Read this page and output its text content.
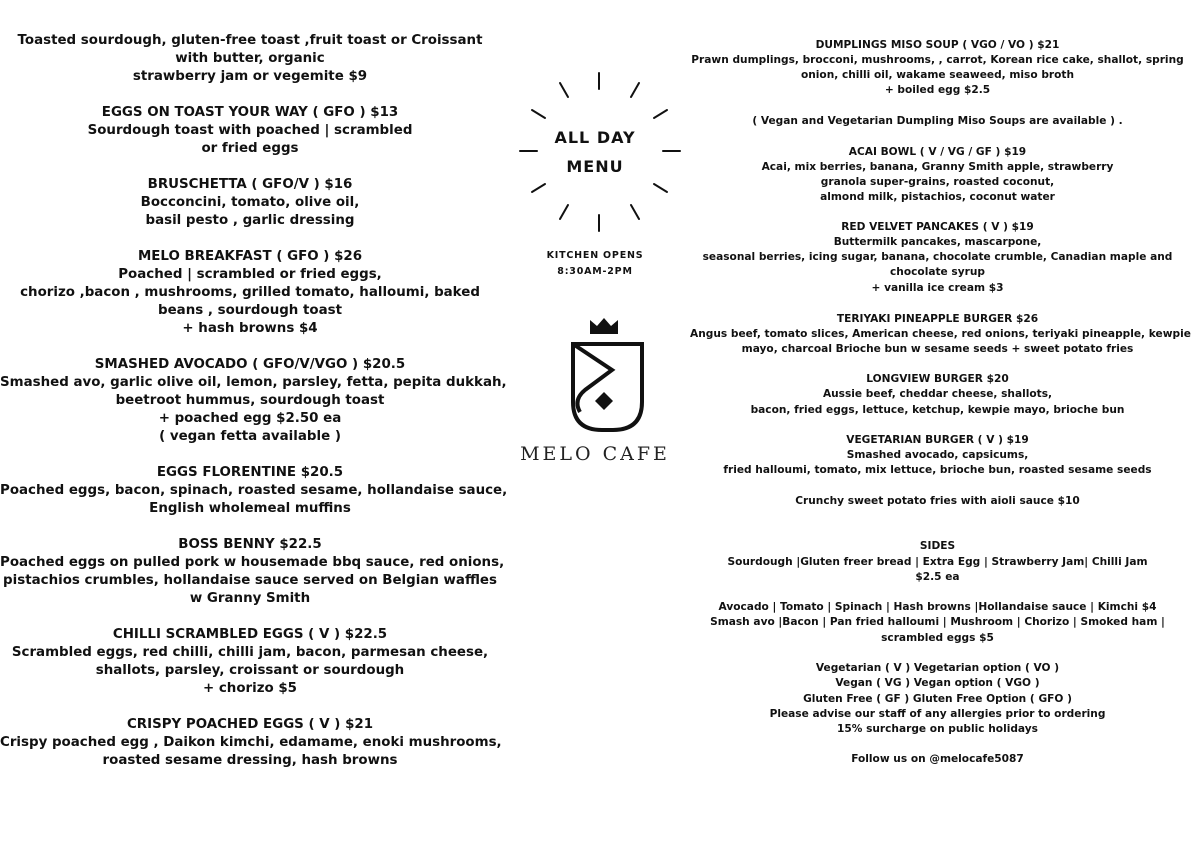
Toasted sourdough, gluten-free toast ,fruit toast or Croissant
with butter, organic
strawberry jam or vegemite $9
EGGS ON TOAST YOUR WAY ( GFO ) $13
Sourdough toast with poached | scrambled
or fried eggs
BRUSCHETTA ( GFO/V ) $16
Bocconcini, tomato, olive oil,
basil pesto , garlic dressing
MELO BREAKFAST ( GFO ) $26
Poached | scrambled or fried eggs,
chorizo ,bacon , mushrooms, grilled tomato, halloumi, baked
beans , sourdough toast
+ hash browns $4
SMASHED AVOCADO ( GFO/V/VGO ) $20.5
Smashed avo, garlic olive oil, lemon, parsley, fetta, pepita dukkah,
beetroot hummus, sourdough toast
+ poached egg $2.50 ea
( vegan fetta available )
EGGS FLORENTINE $20.5
Poached eggs, bacon, spinach, roasted sesame, hollandaise sauce,
English wholemeal muffins
BOSS BENNY $22.5
Poached eggs on pulled pork w housemade bbq sauce, red onions,
pistachios crumbles, hollandaise sauce served on Belgian waffles
w Granny Smith
CHILLI SCRAMBLED EGGS ( V ) $22.5
Scrambled eggs, red chilli, chilli jam, bacon, parmesan cheese,
shallots, parsley, croissant or sourdough
+ chorizo $5
CRISPY POACHED EGGS ( V ) $21
Crispy poached egg , Daikon kimchi, edamame, enoki mushrooms,
roasted sesame dressing, hash browns
ALL DAY
MENU
KITCHEN OPENS
8:30AM-2PM
MELO CAFE
DUMPLINGS MISO SOUP ( VGO / VO ) $21
Prawn dumplings, brocconi, mushrooms, , carrot, Korean rice cake, shallot, spring
onion, chilli oil, wakame seaweed, miso broth
+ boiled egg $2.5
( Vegan and Vegetarian Dumpling Miso Soups are available ) .
ACAI BOWL ( V / VG / GF ) $19
Acai, mix berries, banana, Granny Smith apple, strawberry
granola super-grains, roasted coconut,
almond milk, pistachios, coconut water
RED VELVET PANCAKES ( V ) $19
Buttermilk pancakes, mascarpone,
seasonal berries, icing sugar, banana, chocolate crumble, Canadian maple and
chocolate syrup
+ vanilla ice cream $3
TERIYAKI PINEAPPLE BURGER $26
Angus beef, tomato slices, American cheese, red onions, teriyaki pineapple, kewpie
mayo, charcoal Brioche bun w sesame seeds + sweet potato fries
LONGVIEW BURGER $20
Aussie beef, cheddar cheese, shallots,
bacon, fried eggs, lettuce, ketchup, kewpie mayo, brioche bun
VEGETARIAN BURGER ( V ) $19
Smashed avocado, capsicums,
fried halloumi, tomato, mix lettuce, brioche bun, roasted sesame seeds
Crunchy sweet potato fries with aioli sauce $10
SIDES
Sourdough |Gluten freer bread | Extra Egg | Strawberry Jam| Chilli Jam
$2.5 ea
Avocado | Tomato | Spinach | Hash browns |Hollandaise sauce | Kimchi $4
Smash avo |Bacon | Pan fried halloumi | Mushroom | Chorizo | Smoked ham |
scrambled eggs $5
Vegetarian ( V ) Vegetarian option ( VO )
Vegan ( VG ) Vegan option ( VGO )
Gluten Free ( GF ) Gluten Free Option ( GFO )
Please advise our staff of any allergies prior to ordering
15% surcharge on public holidays
Follow us on @melocafe5087
